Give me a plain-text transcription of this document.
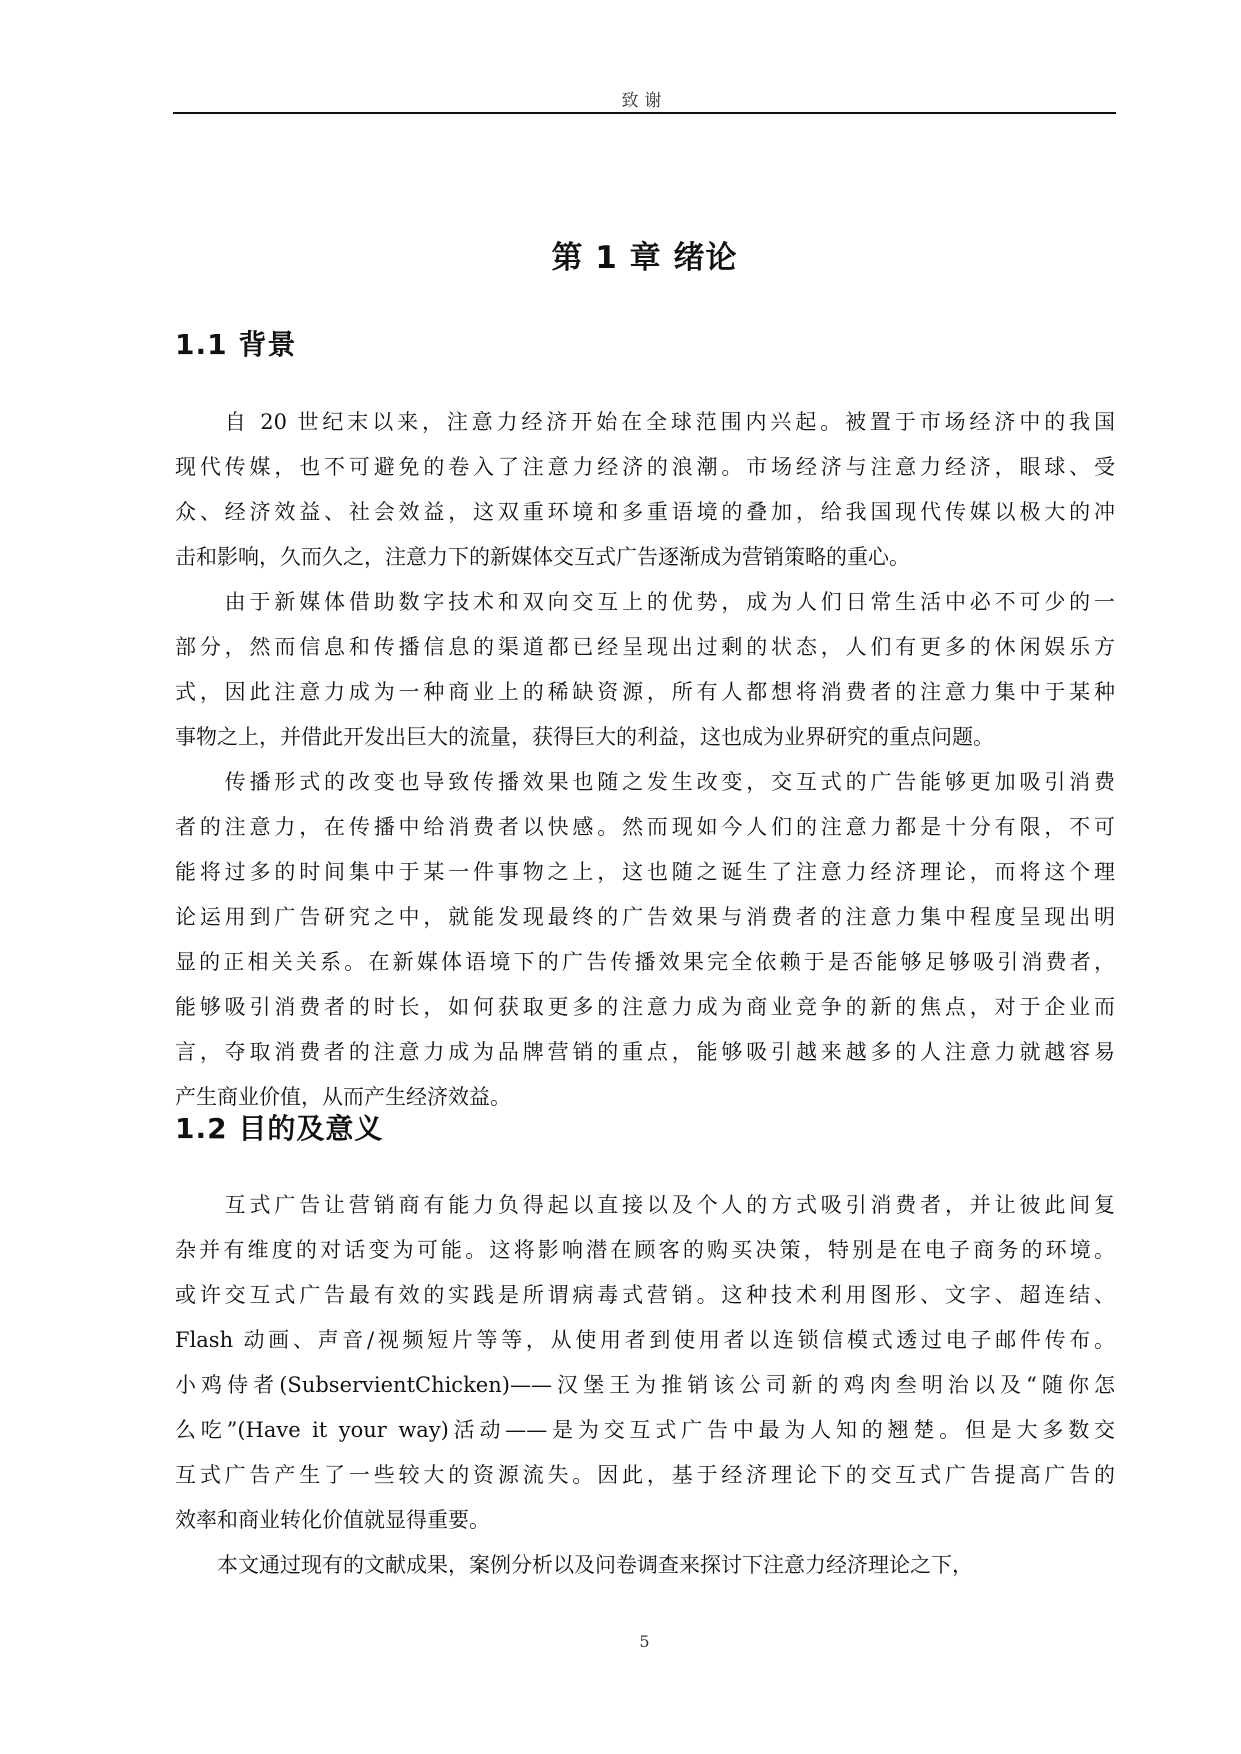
致谢
第 1 章 绪论
1.1 背景
　　自 20 世纪末以来，注意力经济开始在全球范围内兴起。被置于市场经济中的我国
现代传媒，也不可避免的卷入了注意力经济的浪潮。市场经济与注意力经济，眼球、受
众、经济效益、社会效益，这双重环境和多重语境的叠加，给我国现代传媒以极大的冲
击和影响，久而久之，注意力下的新媒体交互式广告逐渐成为营销策略的重心。
　　由于新媒体借助数字技术和双向交互上的优势，成为人们日常生活中必不可少的一
部分，然而信息和传播信息的渠道都已经呈现出过剩的状态，人们有更多的休闲娱乐方
式，因此注意力成为一种商业上的稀缺资源，所有人都想将消费者的注意力集中于某种
事物之上，并借此开发出巨大的流量，获得巨大的利益，这也成为业界研究的重点问题。
　　传播形式的改变也导致传播效果也随之发生改变，交互式的广告能够更加吸引消费
者的注意力，在传播中给消费者以快感。然而现如今人们的注意力都是十分有限，不可
能将过多的时间集中于某一件事物之上，这也随之诞生了注意力经济理论，而将这个理
论运用到广告研究之中，就能发现最终的广告效果与消费者的注意力集中程度呈现出明
显的正相关关系。在新媒体语境下的广告传播效果完全依赖于是否能够足够吸引消费者，
能够吸引消费者的时长，如何获取更多的注意力成为商业竞争的新的焦点，对于企业而
言，夺取消费者的注意力成为品牌营销的重点，能够吸引越来越多的人注意力就越容易
产生商业价值，从而产生经济效益。
1.2 目的及意义
　　互式广告让营销商有能力负得起以直接以及个人的方式吸引消费者，并让彼此间复
杂并有维度的对话变为可能。这将影响潜在顾客的购买决策，特别是在电子商务的环境。
或许交互式广告最有效的实践是所谓病毒式营销。这种技术利用图形、文字、超连结、
Flash 动画、声音/视频短片等等，从使用者到使用者以连锁信模式透过电子邮件传布。
小鸡侍者(SubservientChicken)——汉堡王为推销该公司新的鸡肉叁明治以及“随你怎
么吃”(Have it your way)活动——是为交互式广告中最为人知的翘楚。但是大多数交
互式广告产生了一些较大的资源流失。因此，基于经济理论下的交互式广告提高广告的
效率和商业转化价值就显得重要。
　　本文通过现有的文献成果，案例分析以及问卷调查来探讨下注意力经济理论之下，
5
